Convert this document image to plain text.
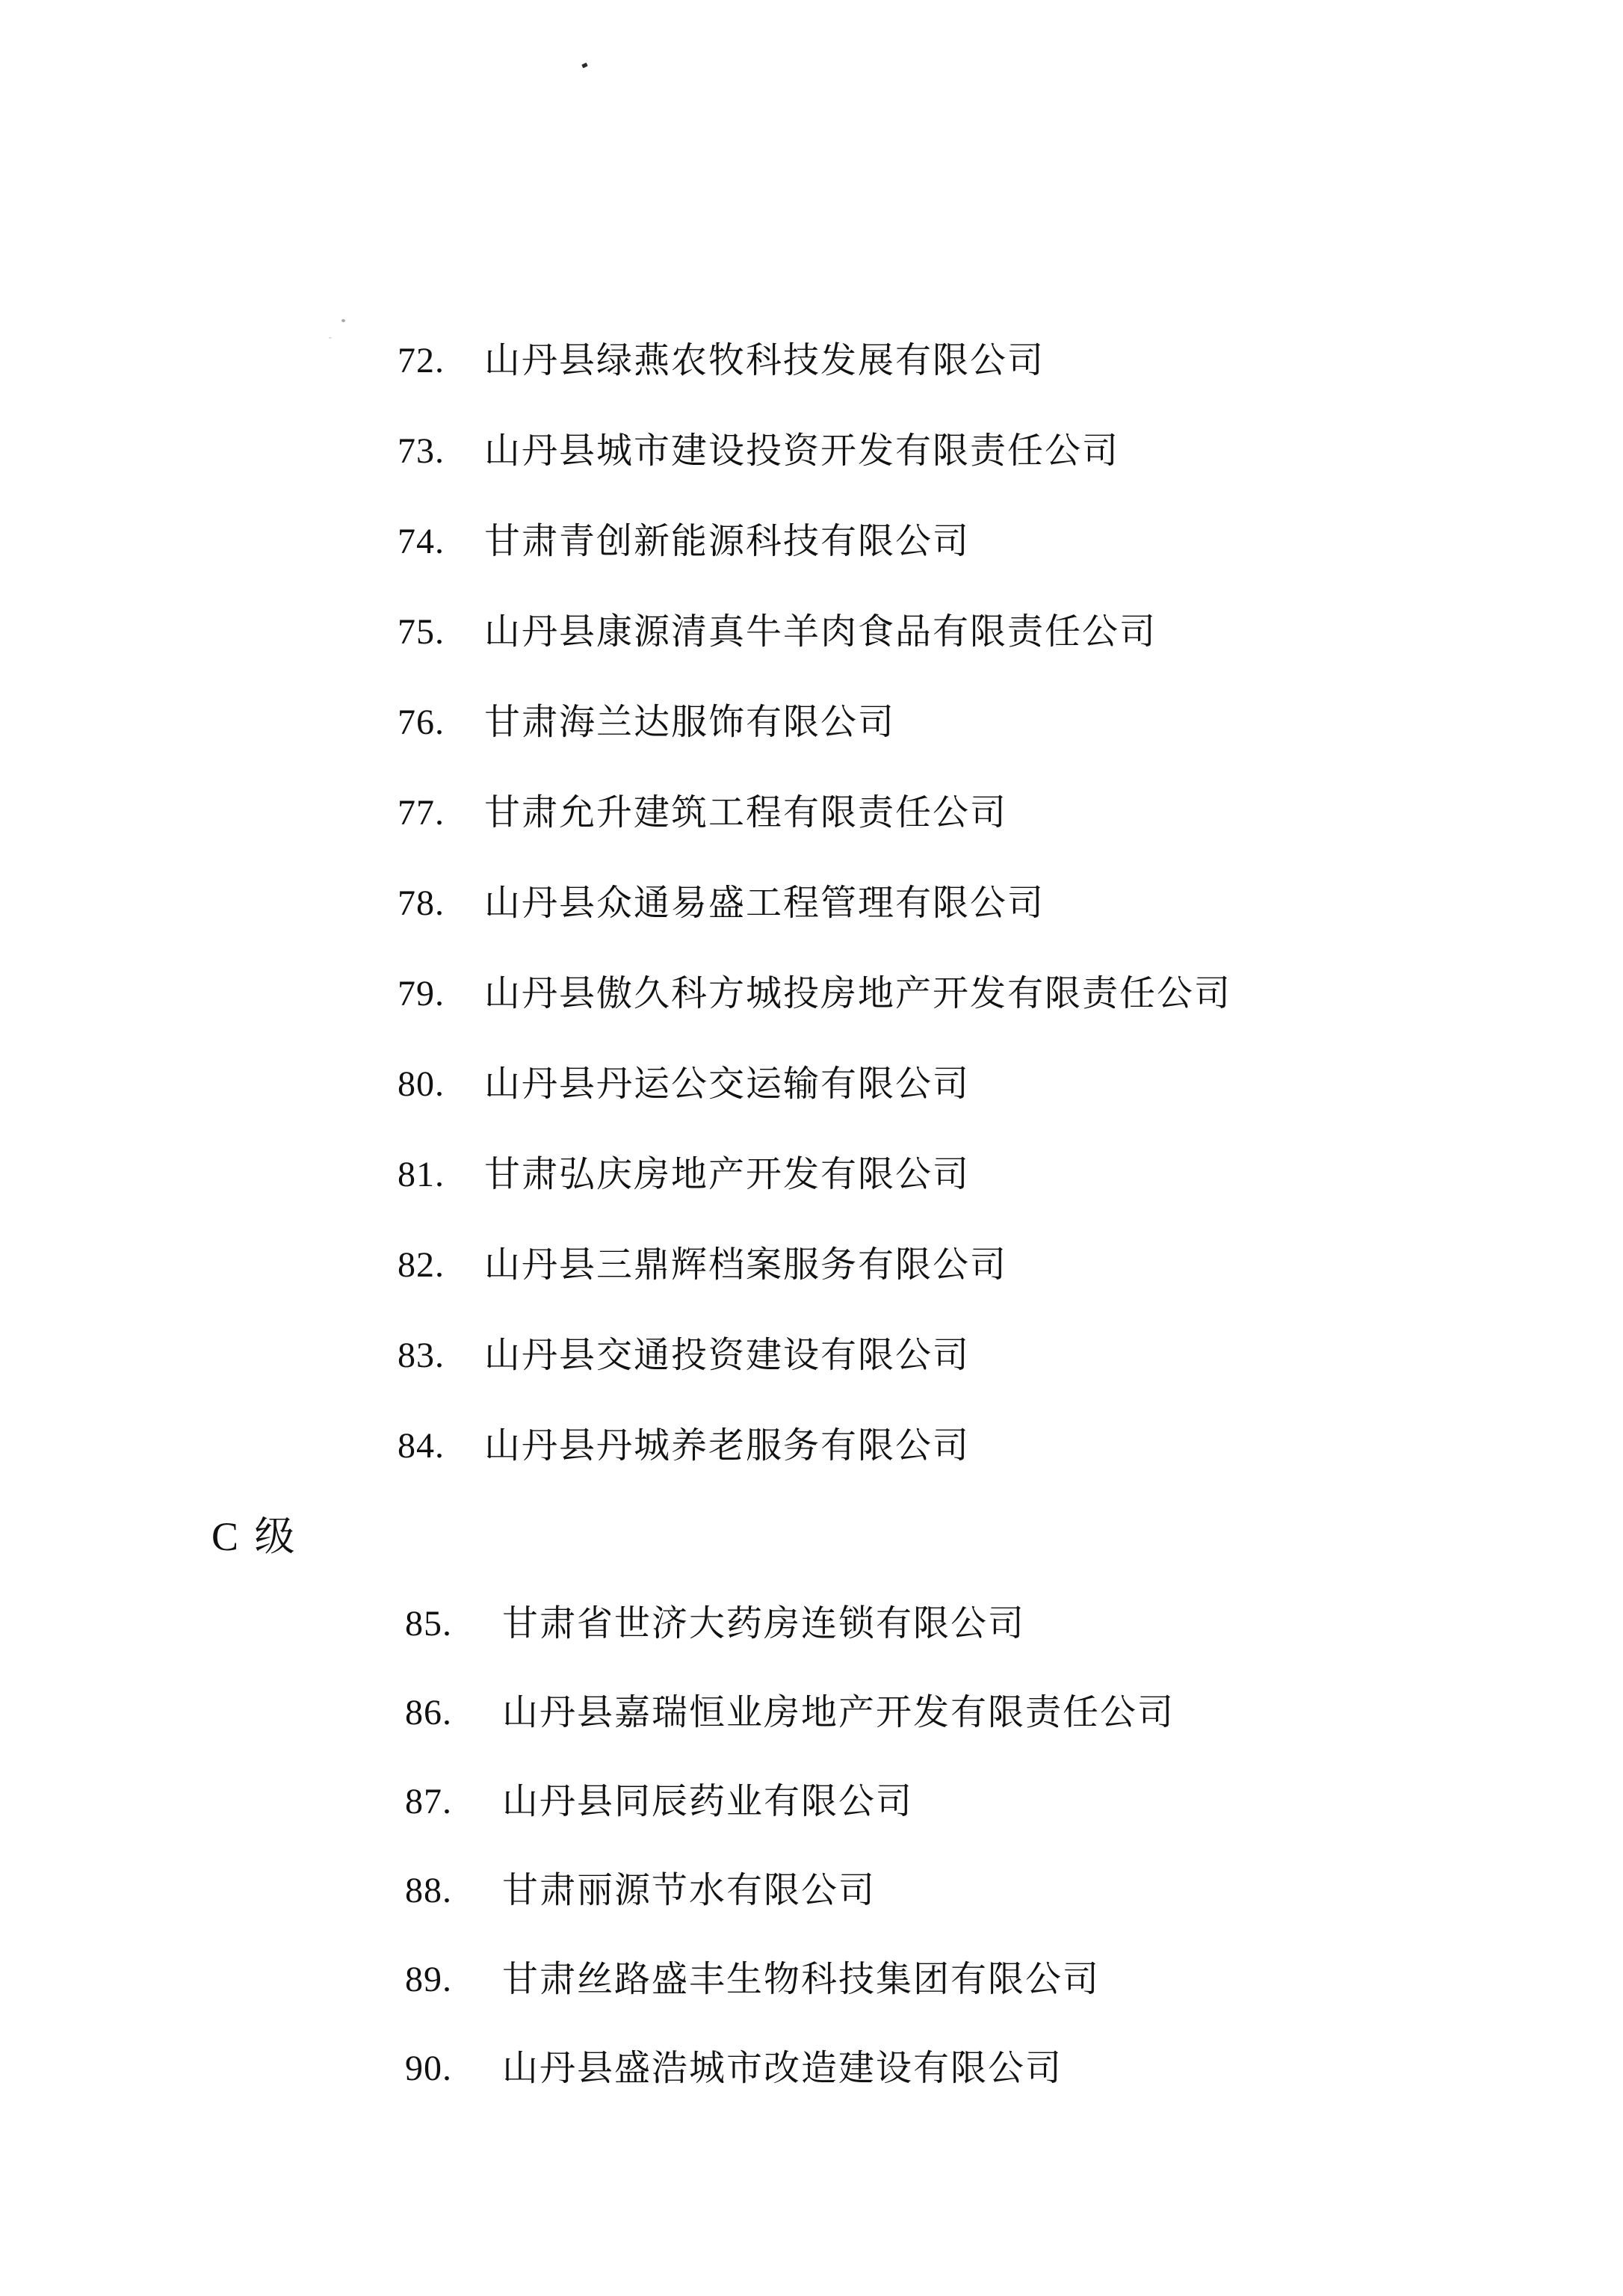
72.	山丹县绿燕农牧科技发展有限公司
73.	山丹县城市建设投资开发有限责任公司
74.	甘肃青创新能源科技有限公司
75.	山丹县康源清真牛羊肉食品有限责任公司
76.	甘肃海兰达服饰有限公司
77.	甘肃允升建筑工程有限责任公司
78.	山丹县众通易盛工程管理有限公司
79.	山丹县傲久科方城投房地产开发有限责任公司
80.	山丹县丹运公交运输有限公司
81.	甘肃弘庆房地产开发有限公司
82.	山丹县三鼎辉档案服务有限公司
83.	山丹县交通投资建设有限公司
84.	山丹县丹城养老服务有限公司
C 级
85.	甘肃省世济大药房连锁有限公司
86.	山丹县嘉瑞恒业房地产开发有限责任公司
87.	山丹县同辰药业有限公司
88.	甘肃丽源节水有限公司
89.	甘肃丝路盛丰生物科技集团有限公司
90.	山丹县盛浩城市改造建设有限公司
